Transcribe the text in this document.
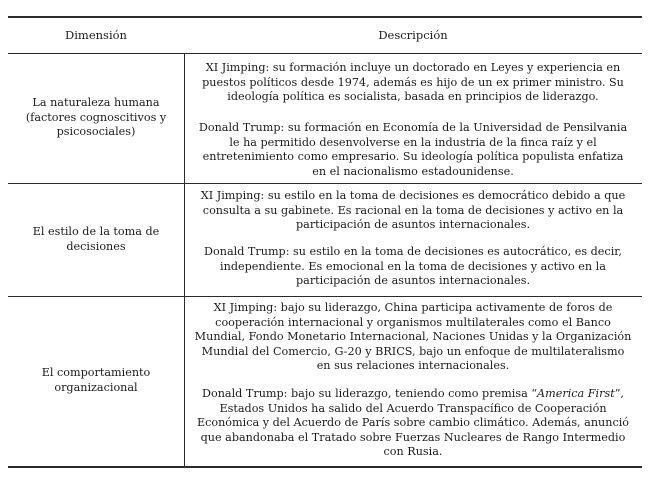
Dimensión	Descripción
La naturaleza humana (factores cognoscitivos y psicosociales)
XI Jimping: su formación incluye un doctorado en Leyes y experiencia en puestos políticos desde 1974, además es hijo de un ex primer ministro. Su ideología política es socialista, basada en principios de liderazgo.
Donald Trump: su formación en Economía de la Universidad de Pensilvania le ha permitido desenvolverse en la industria de la finca raíz y el entretenimiento como empresario. Su ideología política populista enfatiza en el nacionalismo estadounidense.
El estilo de la toma de decisiones
XI Jimping: su estilo en la toma de decisiones es democrático debido a que consulta a su gabinete. Es racional en la toma de decisiones y activo en la participación de asuntos internacionales.
Donald Trump: su estilo en la toma de decisiones es autocrático, es decir, independiente. Es emocional en la toma de decisiones y activo en la participación de asuntos internacionales.
El comportamiento organizacional
XI Jimping: bajo su liderazgo, China participa activamente de foros de cooperación internacional y organismos multilaterales como el Banco Mundial, Fondo Monetario Internacional, Naciones Unidas y la Organización Mundial del Comercio, G-20 y BRICS, bajo un enfoque de multilateralismo en sus relaciones internacionales.
Donald Trump: bajo su liderazgo, teniendo como premisa “America First”, Estados Unidos ha salido del Acuerdo Transpacífico de Cooperación Económica y del Acuerdo de París sobre cambio climático. Además, anunció que abandonaba el Tratado sobre Fuerzas Nucleares de Rango Intermedio con Rusia.
